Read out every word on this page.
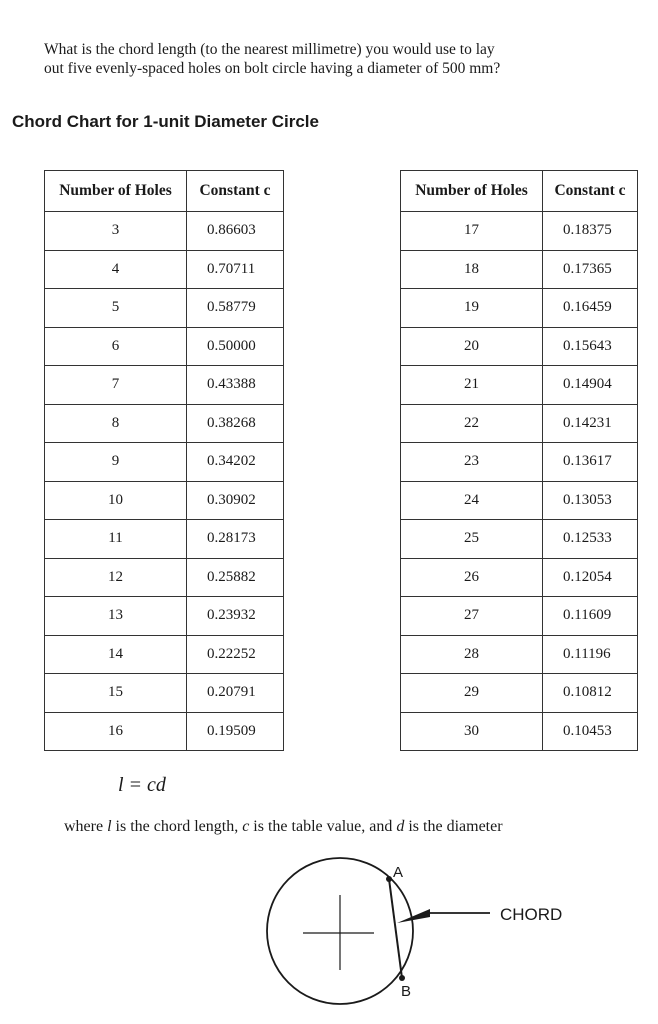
What is the chord length (to the nearest millimetre) you would use to lay
out five evenly-spaced holes on bolt circle having a diameter of 500 mm?
Chord Chart for 1-unit Diameter Circle
Number of Holes	Constant c
3	0.86603
4	0.70711
5	0.58779
6	0.50000
7	0.43388
8	0.38268
9	0.34202
10	0.30902
11	0.28173
12	0.25882
13	0.23932
14	0.22252
15	0.20791
16	0.19509
Number of Holes	Constant c
17	0.18375
18	0.17365
19	0.16459
20	0.15643
21	0.14904
22	0.14231
23	0.13617
24	0.13053
25	0.12533
26	0.12054
27	0.11609
28	0.11196
29	0.10812
30	0.10453

l = cd

where l is the chord length, c is the table value, and d is the diameter

A
B
CHORD
